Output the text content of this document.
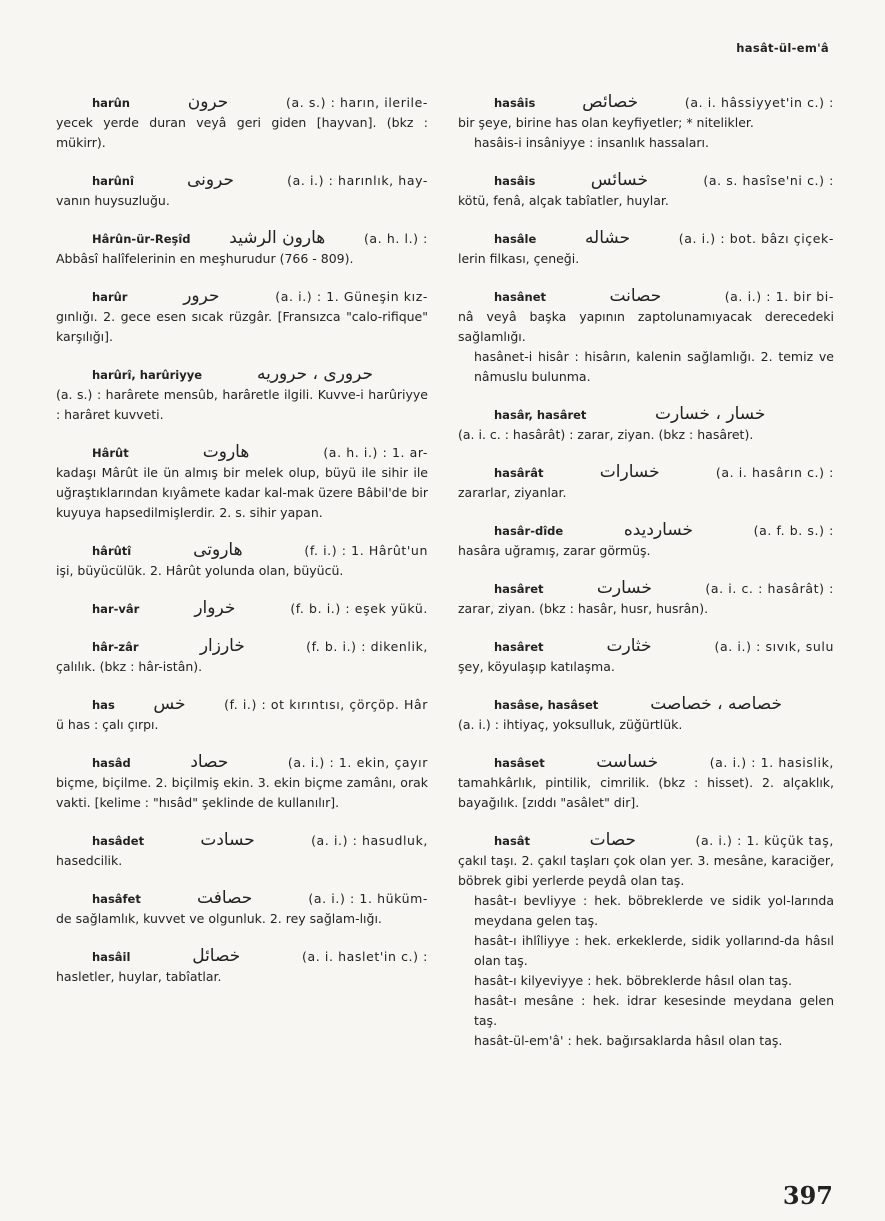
hasât-ül-em'â
harûn	حرون	(a. s.) : harın, ilerile-
yecek yerde duran veyâ geri giden [hayvan]. (bkz : mükirr).
harûnî	حرونى	(a. i.) : harınlık, hay-
vanın huysuzluğu.
Hârûn-ür-Reşîd	هارون الرشيد	(a. h. l.) :
Abbâsî halîfelerinin en meşhurudur (766 - 809).
harûr	حرور	(a. i.) : 1. Güneşin kız-
gınlığı. 2. gece esen sıcak rüzgâr. [Fransızca "calo-rifique" karşılığı].
harûrî, harûriyye	حرورى ، حروريه
(a. s.) : harârete mensûb, harâretle ilgili. Kuvve-i harûriyye : harâret kuvveti.
Hârût	هاروت	(a. h. i.) : 1. ar-
kadaşı Mârût ile ün almış bir melek olup, büyü ile sihir ile uğraştıklarından kıyâmete kadar kal-mak üzere Bâbil'de bir kuyuya hapsedilmişlerdir. 2. s. sihir yapan.
hârûtî	هاروتى	(f. i.) : 1. Hârût'un
işi, büyücülük. 2. Hârût yolunda olan, büyücü.
har-vâr	خروار	(f. b. i.) : eşek yükü.
hâr-zâr	خارزار	(f. b. i.) : dikenlik,
çalılık. (bkz : hâr-istân).
has	خس	(f. i.) : ot kırıntısı, çörçöp. Hâr
ü has : çalı çırpı.
hasâd	حصاد	(a. i.) : 1. ekin, çayır
biçme, biçilme. 2. biçilmiş ekin. 3. ekin biçme zamânı, orak vakti. [kelime : "hısâd" şeklinde de kullanılır].
hasâdet	حسادت	(a. i.) : hasudluk,
hasedcilik.
hasâfet	حصافت	(a. i.) : 1. hüküm-
de sağlamlık, kuvvet ve olgunluk. 2. rey sağlam-lığı.
hasâil	خصائل	(a. i. haslet'in c.) :
hasletler, huylar, tabîatlar.
hasâis	خصائص	(a. i. hâssiyyet'in c.) :
bir şeye, birine has olan keyfiyetler; * nitelikler.
hasâis-i insâniyye : insanlık hassaları.
hasâis	خسائس	(a. s. hasîse'ni c.) :
kötü, fenâ, alçak tabîatler, huylar.
hasâle	حشاله	(a. i.) : bot. bâzı çiçek-
lerin filkası, çeneği.
hasânet	حصانت	(a. i.) : 1. bir bi-
nâ veyâ başka yapının zaptolunamıyacak derecedeki sağlamlığı.
hasânet-i hisâr : hisârın, kalenin sağlamlığı. 2. temiz ve nâmuslu bulunma.
hasâr, hasâret	خسار ، خسارت
(a. i. c. : hasârât) : zarar, ziyan. (bkz : hasâret).
hasârât	خسارات	(a. i. hasârın c.) :
zararlar, ziyanlar.
hasâr-dîde	خساردیده	(a. f. b. s.) :
hasâra uğramış, zarar görmüş.
hasâret	خسارت	(a. i. c. : hasârât) :
zarar, ziyan. (bkz : hasâr, husr, husrân).
hasâret	خثارت	(a. i.) : sıvık, sulu
şey, köyulaşıp katılaşma.
hasâse, hasâset	خصاصه ، خصاصت
(a. i.) : ihtiyaç, yoksulluk, züğürtlük.
hasâset	خساست	(a. i.) : 1. hasislik,
tamahkârlık, pintilik, cimrilik. (bkz : hisset). 2. alçaklık, bayağılık. [zıddı "asâlet" dir].
hasât	حصات	(a. i.) : 1. küçük taş,
çakıl taşı. 2. çakıl taşları çok olan yer. 3. mesâne, karaciğer, böbrek gibi yerlerde peydâ olan taş.
hasât-ı bevliyye : hek. böbreklerde ve sidik yol-larında meydana gelen taş.
hasât-ı ihlîliyye : hek. erkeklerde, sidik yollarınd-da hâsıl olan taş.
hasât-ı kilyeviyye : hek. böbreklerde hâsıl olan taş.
hasât-ı mesâne : hek. idrar kesesinde meydana gelen taş.
hasât-ül-em'â' : hek. bağırsaklarda hâsıl olan taş.
397
